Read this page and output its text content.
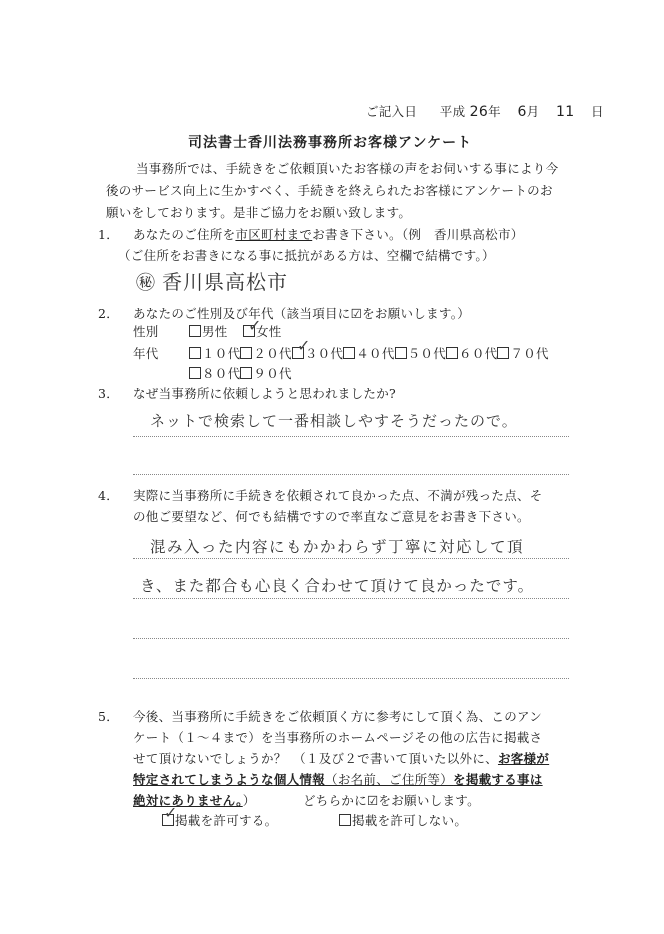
ご記入日 平成 26年 6月 11 日
司法書士香川法務事務所お客様アンケート
当事務所では、手続きをご依頼頂いたお客様の声をお伺いする事により今
後のサービス向上に生かすべく、手続きを終えられたお客様にアンケートのお
願いをしております。是非ご協力をお願い致します。
1． あなたのご住所を市区町村までお書き下さい。（例　香川県高松市）
（ご住所をお書きになる事に抵抗がある方は、空欄で結構です。）
㊙ 香川県高松市
2． あなたのご性別及び年代（該当項目に☑をお願いします。）
性別	男性	女性
✓
年代	１０代 ２０代 ３０代 ４０代 ５０代 ６０代 ７０代
✓
８０代 ９０代
3． なぜ当事務所に依頼しようと思われましたか?
ネットで検索して一番相談しやすそうだったので。
4． 実際に当事務所に手続きを依頼されて良かった点、不満が残った点、そ
の他ご要望など、何でも結構ですので率直なご意見をお書き下さい。
混み入った内容にもかかわらず丁寧に対応して頂
き、また都合も心良く合わせて頂けて良かったです。
5． 今後、当事務所に手続きをご依頼頂く方に参考にして頂く為、このアン
ケート（１～４まで）を当事務所のホームページその他の広告に掲載さ
せて頂けないでしょうか？　（１及び２で書いて頂いた以外に、お客様が
特定されてしまうような個人情報（お名前、ご住所等）を掲載する事は
絶対にありません。）	どちらかに☑をお願いします。
掲載を許可する。
✓	掲載を許可しない。
